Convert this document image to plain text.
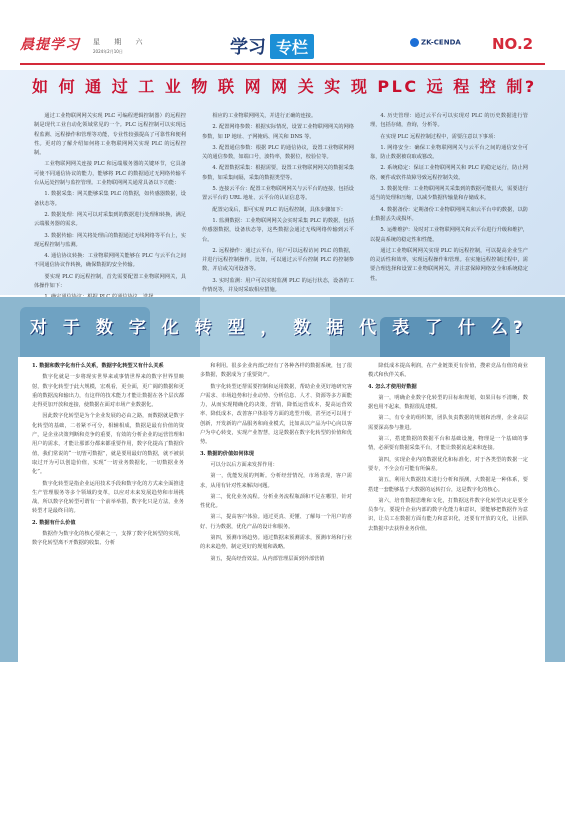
晨提学习 星 期 六
2024年2月10日	学习 专栏	ZK-CENDA NO.2
如 何 通 过 工 业 物 联 网 网 关 实 现 PLC 远 程 控 制?

通过工业物联网网关实现 PLC 可编程逻辑控制器）的远程控制是现代工业自动化领域常见的一个。PLC 远程控制可以实现远程监测、远程操作和管理等功能，专业性较强提高了可靠性和便利性。更对的了解介绍如何将工业物联网网关实现 PLC 的远程控制。

工业物联网网关连接 PLC 和远端服务器的关键环节，它具备可使不同通信协议的能力，能够将 PLC 的数据通过无网络传输平台从远处控制与监控管理。工业物联网网关通常具备以下功能：

1. 数据采集：网关能够采集 PLC 的数据，如传感器数据，设备状态等。

2. 数据处理：网关可以对采集到的数据进行处理和转换，满足云端服务器的需求。

3. 数据传输：网关将处理后的数据通过无线网络等平台上，实现远程控制与监测。

4. 通信协议转换：工业物联网网关能够在 PLC 与云平台之间不同通信协议作转换，确保数据的安全传输。

要实现 PLC 的远程控制，首先需要配置工业物联网网关，具体操作如下：

相应的工业物联网网关，并进行正确的连接。

2. 配置网络参数：根据实际情况，设置工业物联网网关的网络参数，如 IP 地址、子网掩码、网关和 DNS 等。

3. 配置通信参数：根据 PLC 的通信协议，设置工业物联网网关的通信参数，如端口号，波特率，数据位，校验位等。

4. 配置数据采集：根据需要，设置工业物联网网关的数据采集参数，如采集间隔，采集的数据类型等。

5. 连接云平台：配置工业物联网网关与云平台的连接，包括设置云平台的 URL 地址、云平台的认证信息等。

配置完成后，即可实现 PLC 的远程控制，具体步骤如下：

1. 监测数据：工业物联网网关会实时采集 PLC 的数据，包括传感器数据，设备状态等，这些数据会通过无线网络传输到云平台。

2. 远程操作：通过云平台，用户可以远程访问 PLC 的数据，并进行远程控制操作。比如，可以通过云平台控制 PLC 的控制参数，并启或关闭设备等。

3. 实时监测：用户可以实时监测 PLC 的运行状态，设备的工作情况等，并及时采取相应措施。

4. 历史管理：通过云平台可以实现对 PLC 的历史数据进行管理，包括存储，查询，分析等。

在实现 PLC 远程控制过程中，需要注意以下事项：

1. 网络安全：确保工业物联网网关与云平台之间的通信安全可靠，防止数据被窃取或篡改。

2. 系统稳定：保证工业物联网网关和 PLC 的稳定运行，防止网络、硬件或软件故障导致远程控制失效。

3. 数据处理：工业物联网网关采集到的数据可能很大，需要进行适当的处理和压缩，以减少数据传输量和存储成本。

4. 数据备份：定期备份工业物联网网关和云平台中的数据，以防止数据丢失或损坏。

5. 运维维护：及时对工业物联网网关和云平台进行升级和维护，以提高系统的稳定性和性能。

通过工业物联网网关实现 PLC 的远程控制，可以提高企业生产的灵活性和效率，实现远程操作和管理。在实施远程控制过程中，需要合理选择和设置工业物联网网关，并注意保障网络安全和系统稳定性。

对 于 数 字 化 转 型 ， 数 据 代 表 了 什 么?

1. 数据和数字化有什么关系，数据字化转型又有什么关系

数字化就是一步将现实世界来或事情世界来的数字世界里映射，数字化转型于此大规模，宏观看，更全面，更广阔的数据和更重的数据流和输出力，有这样的技术能力才能让数据在各个层次都走得更加开放和连接，使数据在面对市场产业数据化。

因此数字化转型是为个企业发展的必由之路，而数据就是数字化转型的基础，二者紧不可分，相辅相成，数据是最有价值的资产，是企业决策判断和竞争的重要，有效的分析企业的运营管理和用户的需求，才能让那部分都来都重要作用，数字化提高了数据价值，我们常说的“一切皆可数据”，就是要用最好的数据，就不被获取过开为可以创造价值，实现“一切业务数据化，一切数据业务化”。

数字化转型是指企业运用技术手段和数字化的方式来全面推进生产管理服务等多个领域的变革，以应对未来发展趋势和市场挑战，所以数字化转型可谓有一个前举举措，数字化只是方法，业务转型才是最终目的。

2. 数据有什么价值

数据作为数字化的核心要素之一，支撑了数字化转型的实现，数字化转型离不开数据的收集、分析

和利用。很多企业内部已经有了各种各样的数据系统，包了很多数据，数据成为了重要资产。

数字化转型还帮需要控制和运用数据，帮助企业更好地研究客户需求、市场趋势和行业动势、分析信息、人才、资源等多方面能力，从而实现精确化的决策，营销，降低运营成本，提高运营效率、降低成本，改善客户体验等方面的选型升级，甚至还可以用于创新，开发新的产品服务和商业模式，比如从以产品为中心向以客户为中心转变，实现产业智慧，这是数据在数字化转型的价值和优势。

3. 数据的价值如何体现

可以分以后方面来发挥作用：

第一，优能发展的判断。分析经营情况，市场表现，客户需求，从用有针对性来解决问题。

第二，优化业务流程。分析业务流程瓶颈和不足在哪里，针对性优化。

第三，提高客户体验。通过更真、更懂、了解每一个用户的喜好、行为数据，优化产品的设计和服务。

第四，预测市场趋势。通过数据来预测需求，预测市场和行业的未来趋势，制定更好的规划和战略。

第五，提高经营效益。从内部管理层面到外部营销

降低成本提高利润，在产业链策更有价值，搜索竞品有值的商业模式和伙伴关系。

4. 怎么才使用好数据

第一，明确企业数字化转型的目标和规划，如果目标不清晰，数据也用不起来，数据很乱建模。

第二，有专业的组织架，团队负责数据的规划和治理，企业高层需要深高参与推进。

第三，搭建数据的数据平台和基础设施，物理是一个基础的事情，必须要有数据采集平台，才能让数据流起来和连接。

第四，实现企业内的数据优化和标准化，对于各类型的数据一定要专，不全会有可能有所偏差。

第五，利用大数据技术进行分析和预测，大数据是一种体系，要搭建一套能够基于大数据的运转打台，这是数字化的核心。

第六，培育数据思维和文化，打数据这件数字化转型决定是要全员参与，要提升企业内部的数字化能力和意识，要能够把数据作为意识，让员工在数据方面有能力和意识化，还要有开放的文化，让团队去数据中去获得业务价值。
